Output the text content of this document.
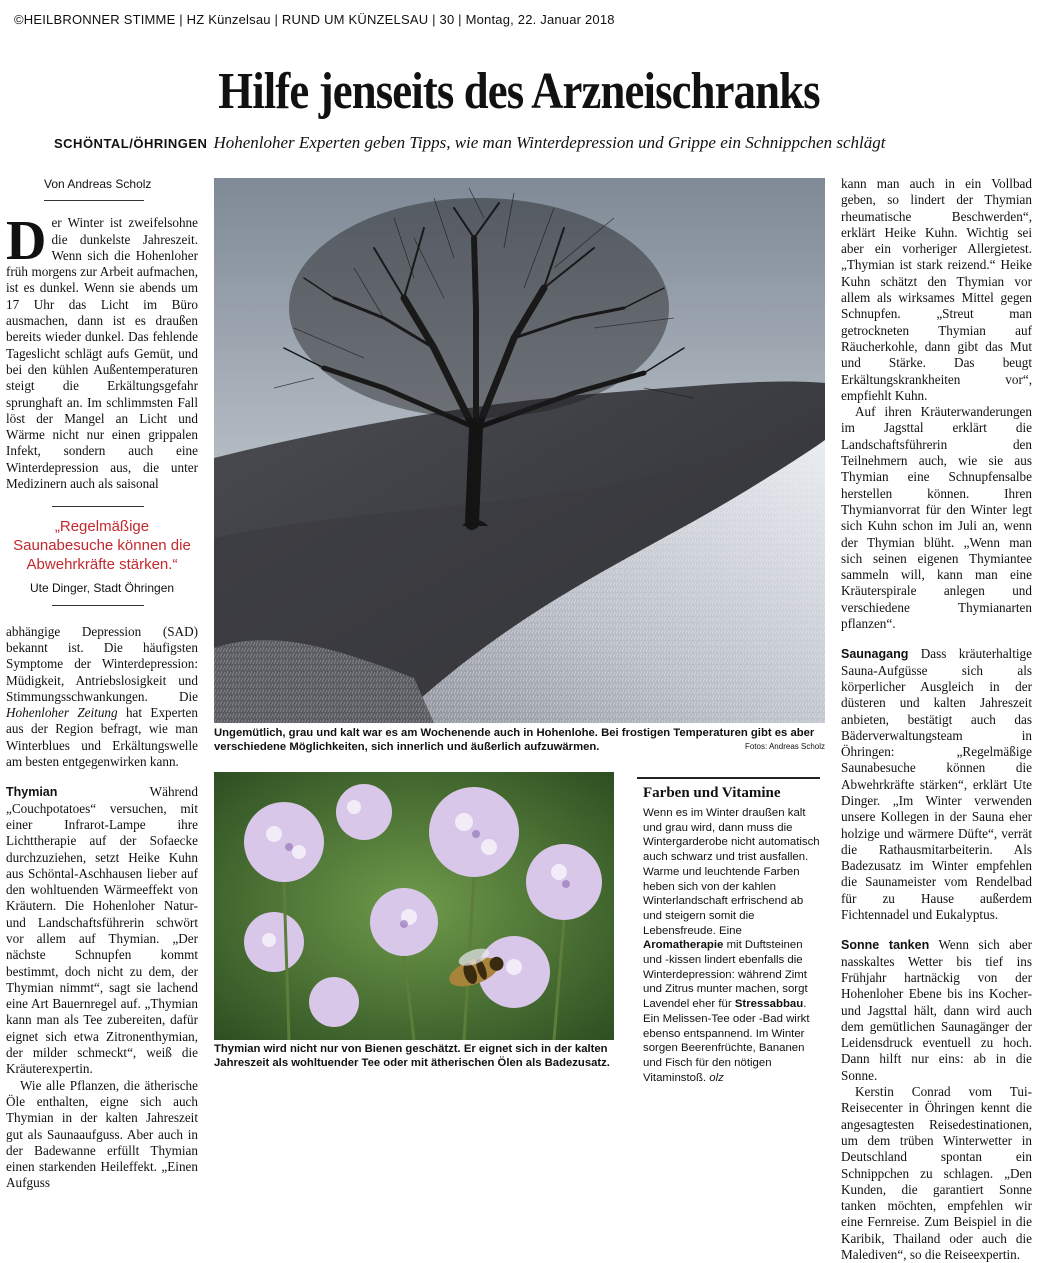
©HEILBRONNER STIMME | HZ Künzelsau | RUND UM KÜNZELSAU | 30 | Montag, 22. Januar 2018
Hilfe jenseits des Arzneischranks
SCHÖNTAL/ÖHRINGEN Hohenloher Experten geben Tipps, wie man Winterdepression und Grippe ein Schnippchen schlägt
Von Andreas Scholz

Der Winter ist zweifelsohne die dunkelste Jahreszeit. Wenn sich die Hohenloher früh morgens zur Arbeit aufmachen, ist es dunkel. Wenn sie abends um 17 Uhr das Licht im Büro ausmachen, dann ist es draußen bereits wieder dunkel. Das fehlende Tageslicht schlägt aufs Gemüt, und bei den kühlen Außentemperaturen steigt die Erkältungsgefahr sprunghaft an. Im schlimmsten Fall löst der Mangel an Licht und Wärme nicht nur einen grippalen Infekt, sondern auch eine Winterdepression aus, die unter Medizinern auch als saisonal

„Regelmäßige Saunabesuche können die Abwehrkräfte stärken.“
Ute Dinger, Stadt Öhringen

abhängige Depression (SAD) bekannt ist. Die häufigsten Symptome der Winterdepression: Müdigkeit, Antriebslosigkeit und Stimmungsschwankungen. Die Hohenloher Zeitung hat Experten aus der Region befragt, wie man Winterblues und Erkältungswelle am besten entgegenwirken kann.

Thymian Während „Couchpotatoes“ versuchen, mit einer Infrarot-Lampe ihre Lichttherapie auf der Sofaecke durchzuziehen, setzt Heike Kuhn aus Schöntal-Aschhausen lieber auf den wohltuenden Wärmeeffekt von Kräutern. Die Hohenloher Natur- und Landschaftsführerin schwört vor allem auf Thymian. „Der nächste Schnupfen kommt bestimmt, doch nicht zu dem, der Thymian nimmt“, sagt sie lachend eine Art Bauernregel auf. „Thymian kann man als Tee zubereiten, dafür eignet sich etwa Zitronenthymian, der milder schmeckt“, weiß die Kräuterexpertin.

Wie alle Pflanzen, die ätherische Öle enthalten, eigne sich auch Thymian in der kalten Jahreszeit gut als Saunaaufguss. Aber auch in der Badewanne erfüllt Thymian einen starkenden Heileffekt. „Einen Aufguss

Ungemütlich, grau und kalt war es am Wochenende auch in Hohenlohe. Bei frostigen Temperaturen gibt es aber verschiedene Möglichkeiten, sich innerlich und äußerlich aufzuwärmen.	Fotos: Andreas Scholz
Thymian wird nicht nur von Bienen geschätzt. Er eignet sich in der kalten Jahreszeit als wohltuender Tee oder mit ätherischen Ölen als Badezusatz.
Farben und Vitamine
Wenn es im Winter draußen kalt und grau wird, dann muss die Wintergarderobe nicht automatisch auch schwarz und trist ausfallen. Warme und leuchtende Farben heben sich von der kahlen Winterlandschaft erfrischend ab und steigern somit die Lebensfreude. Eine Aromatherapie mit Duftsteinen und -kissen lindert ebenfalls die Winterdepression: während Zimt und Zitrus munter machen, sorgt Lavendel eher für Stressabbau. Ein Melissen-Tee oder -Bad wirkt ebenso entspannend. Im Winter sorgen Beerenfrüchte, Bananen und Fisch für den nötigen Vitaminstoß. olz

kann man auch in ein Vollbad geben, so lindert der Thymian rheumatische Beschwerden“, erklärt Heike Kuhn. Wichtig sei aber ein vorheriger Allergietest. „Thymian ist stark reizend.“ Heike Kuhn schätzt den Thymian vor allem als wirksames Mittel gegen Schnupfen. „Streut man getrockneten Thymian auf Räucherkohle, dann gibt das Mut und Stärke. Das beugt Erkältungskrankheiten vor“, empfiehlt Kuhn.

Auf ihren Kräuterwanderungen im Jagsttal erklärt die Landschaftsführerin den Teilnehmern auch, wie sie aus Thymian eine Schnupfensalbe herstellen können. Ihren Thymianvorrat für den Winter legt sich Kuhn schon im Juli an, wenn der Thymian blüht. „Wenn man sich seinen eigenen Thymiantee sammeln will, kann man eine Kräuterspirale anlegen und verschiedene Thymianarten pflanzen“.

Saunagang Dass kräuterhaltige Sauna-Aufgüsse sich als körperlicher Ausgleich in der düsteren und kalten Jahreszeit anbieten, bestätigt auch das Bäderverwaltungsteam in Öhringen: „Regelmäßige Saunabesuche können die Abwehrkräfte stärken“, erklärt Ute Dinger. „Im Winter verwenden unsere Kollegen in der Sauna eher holzige und wärmere Düfte“, verrät die Rathausmitarbeiterin. Als Badezusatz im Winter empfehlen die Saunameister vom Rendelbad für zu Hause außerdem Fichtennadel und Eukalyptus.

Sonne tanken Wenn sich aber nasskaltes Wetter bis tief ins Frühjahr hartnäckig von der Hohenloher Ebene bis ins Kocher- und Jagsttal hält, dann wird auch dem gemütlichen Saunagänger der Leidensdruck eventuell zu hoch. Dann hilft nur eins: ab in die Sonne.

Kerstin Conrad vom Tui-Reisecenter in Öhringen kennt die angesagtesten Reisedestinationen, um dem trüben Winterwetter in Deutschland spontan ein Schnippchen zu schlagen. „Den Kunden, die garantiert Sonne tanken möchten, empfehlen wir eine Fernreise. Zum Beispiel in die Karibik, Thailand oder auch die Malediven“, so die Reiseexpertin.
